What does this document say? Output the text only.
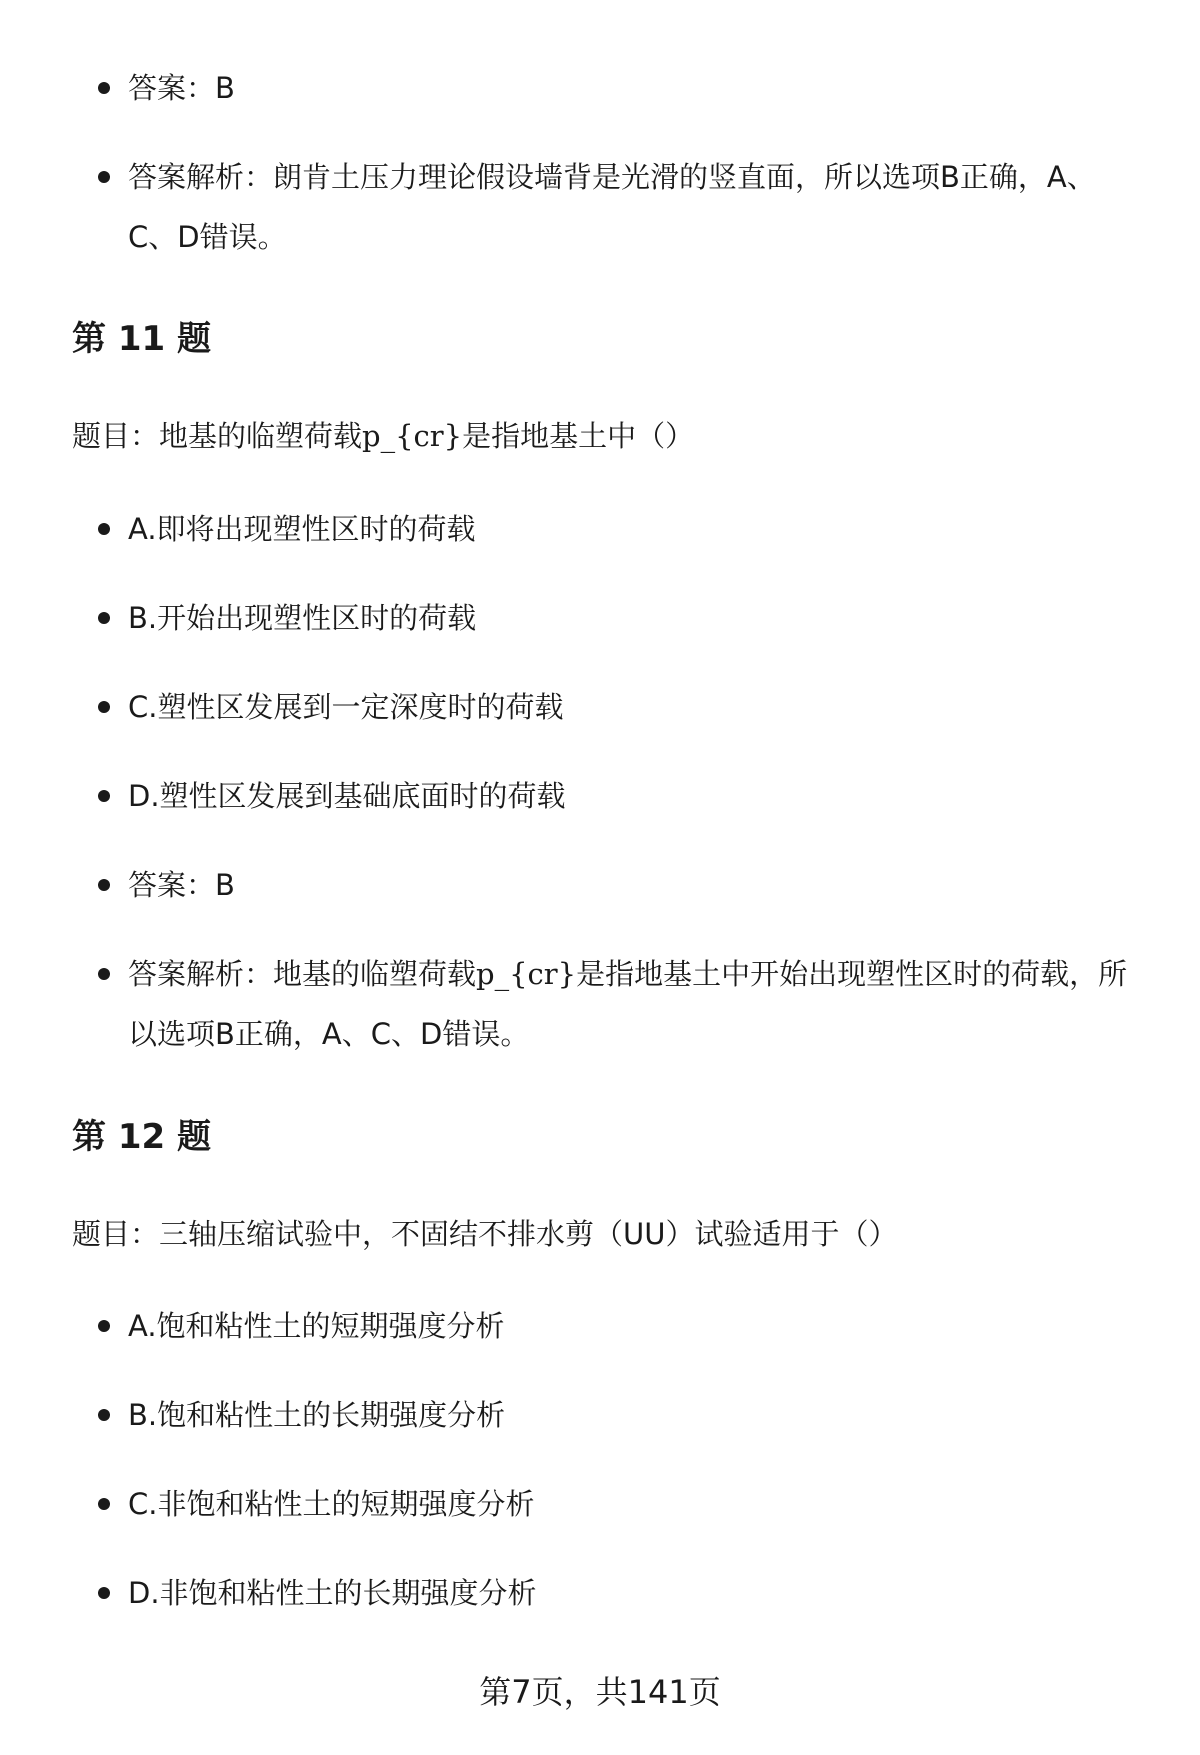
答案：B
答案解析：朗肯土压力理论假设墙背是光滑的竖直面，所以选项B正确，A、C、D错误。
第 11 题
题目：地基的临塑荷载p_{cr}是指地基土中（）
A.即将出现塑性区时的荷载
B.开始出现塑性区时的荷载
C.塑性区发展到一定深度时的荷载
D.塑性区发展到基础底面时的荷载
答案：B
答案解析：地基的临塑荷载p_{cr}是指地基土中开始出现塑性区时的荷载，所以选项B正确，A、C、D错误。
第 12 题
题目：三轴压缩试验中，不固结不排水剪（UU）试验适用于（）
A.饱和粘性土的短期强度分析
B.饱和粘性土的长期强度分析
C.非饱和粘性土的短期强度分析
D.非饱和粘性土的长期强度分析
第7页，共141页
